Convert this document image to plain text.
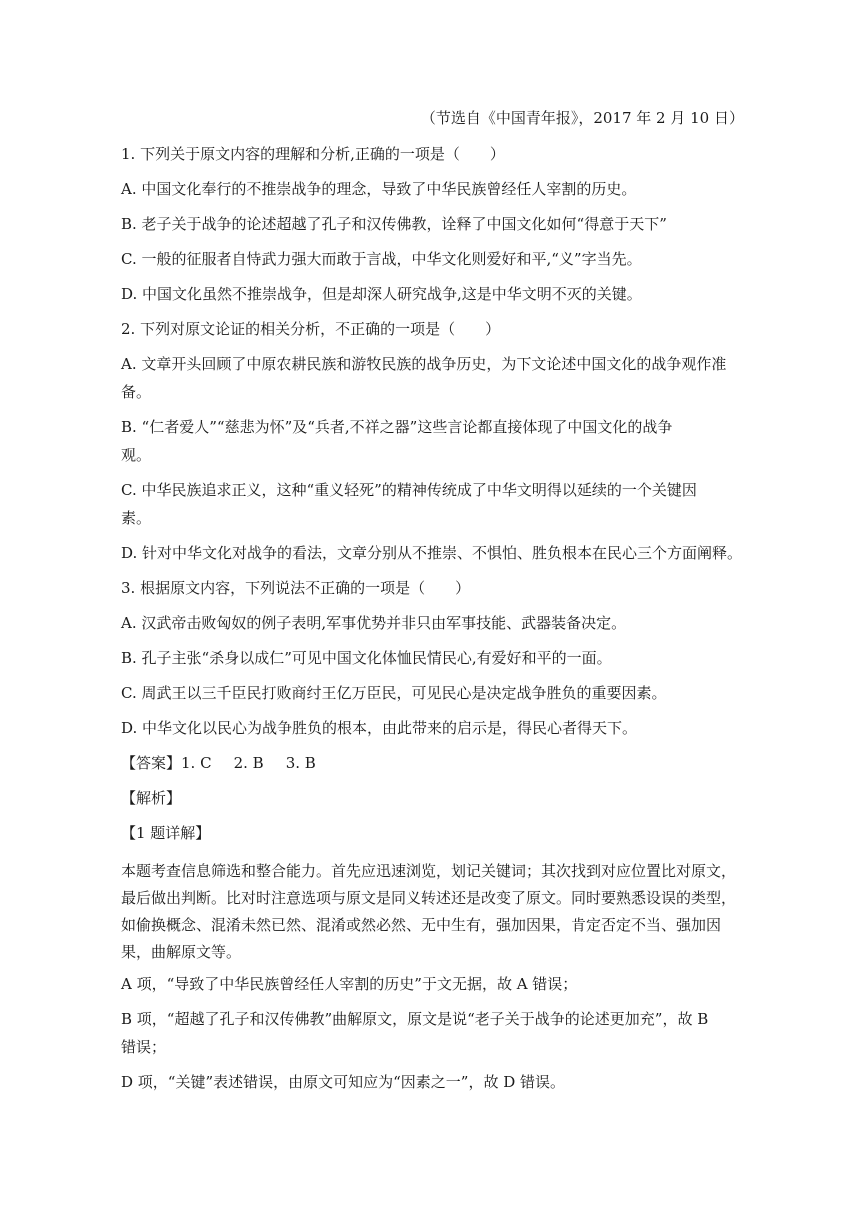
（节选自《中国青年报》，2017 年 2 月 10 日）

1. 下列关于原文内容的理解和分析,正确的一项是（　　）

A. 中国文化奉行的不推崇战争的理念，导致了中华民族曾经任人宰割的历史。

B. 老子关于战争的论述超越了孔子和汉传佛教，诠释了中国文化如何“得意于天下”

C. 一般的征服者自恃武力强大而敢于言战，中华文化则爱好和平,“义”字当先。

D. 中国文化虽然不推崇战争，但是却深人研究战争,这是中华文明不灭的关键。

2. 下列对原文论证的相关分析，不正确的一项是（　　）

A. 文章开头回顾了中原农耕民族和游牧民族的战争历史，为下文论述中国文化的战争观作准

备。

B. “仁者爱人”“慈悲为怀”及“兵者,不祥之器”这些言论都直接体现了中国文化的战争

观。

C. 中华民族追求正义，这种“重义轻死”的精神传统成了中华文明得以延续的一个关键因

素。

D. 针对中华文化对战争的看法，文章分别从不推崇、不惧怕、胜负根本在民心三个方面阐释。

3. 根据原文内容，下列说法不正确的一项是（　　）

A. 汉武帝击败匈奴的例子表明,军事优势并非只由军事技能、武器装备决定。

B. 孔子主张“杀身以成仁”可见中国文化体恤民情民心,有爱好和平的一面。

C. 周武王以三千臣民打败商纣王亿万臣民，可见民心是决定战争胜负的重要因素。

D. 中华文化以民心为战争胜负的根本，由此带来的启示是，得民心者得天下。

【答案】1. C 2. B 3. B

【解析】

【1 题详解】

本题考查信息筛选和整合能力。首先应迅速浏览，划记关键词；其次找到对应位置比对原文，
最后做出判断。比对时注意选项与原文是同义转述还是改变了原文。同时要熟悉设误的类型，
如偷换概念、混淆未然已然、混淆或然必然、无中生有，强加因果，肯定否定不当、强加因
果，曲解原文等。

A 项，“导致了中华民族曾经任人宰割的历史”于文无据，故 A 错误；

B 项，“超越了孔子和汉传佛教”曲解原文，原文是说“老子关于战争的论述更加充”，故 B

错误；

D 项，“关键”表述错误，由原文可知应为“因素之一”，故 D 错误。
